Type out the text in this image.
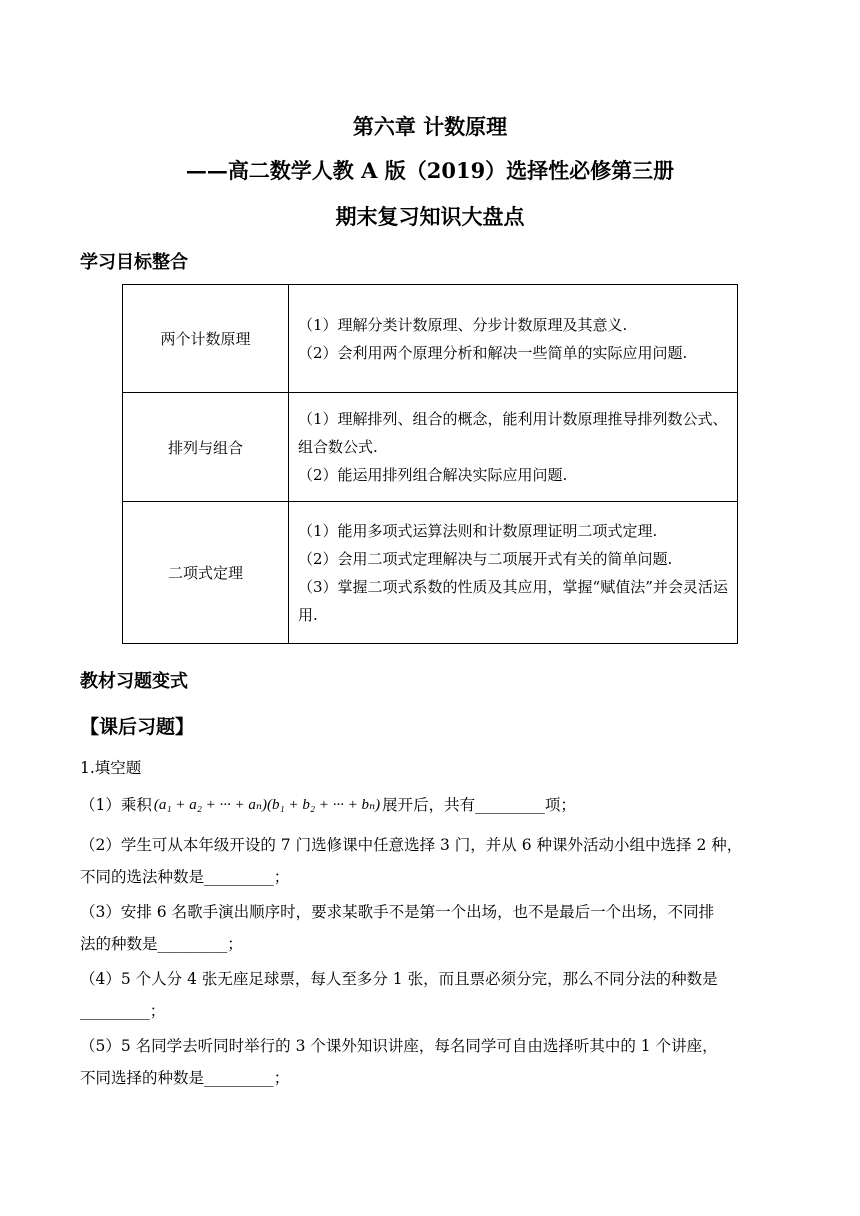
第六章 计数原理
——高二数学人教 A 版（2019）选择性必修第三册
期末复习知识大盘点
学习目标整合
两个计数原理	（1）理解分类计数原理、分步计数原理及其意义.
（2）会利用两个原理分析和解决一些简单的实际应用问题.

排列与组合	（1）理解排列、组合的概念，能利用计数原理推导排列数公式、组合数公式.
（2）能运用排列组合解决实际应用问题.

二项式定理	（1）能用多项式运算法则和计数原理证明二项式定理.
（2）会用二项式定理解决与二项展开式有关的简单问题.
（3）掌握二项式系数的性质及其应用，掌握“赋值法”并会灵活运用.
教材习题变式
【课后习题】
1.填空题
（1）乘积 (a₁ + a₂ + ··· + aₙ)(b₁ + b₂ + ··· + bₙ) 展开后，共有_________项；
（2）学生可从本年级开设的 7 门选修课中任意选择 3 门，并从 6 种课外活动小组中选择 2 种，
不同的选法种数是_________；
（3）安排 6 名歌手演出顺序时，要求某歌手不是第一个出场，也不是最后一个出场，不同排
法的种数是_________；
（4）5 个人分 4 张无座足球票，每人至多分 1 张，而且票必须分完，那么不同分法的种数是
_________；
（5）5 名同学去听同时举行的 3 个课外知识讲座，每名同学可自由选择听其中的 1 个讲座，
不同选择的种数是_________；
